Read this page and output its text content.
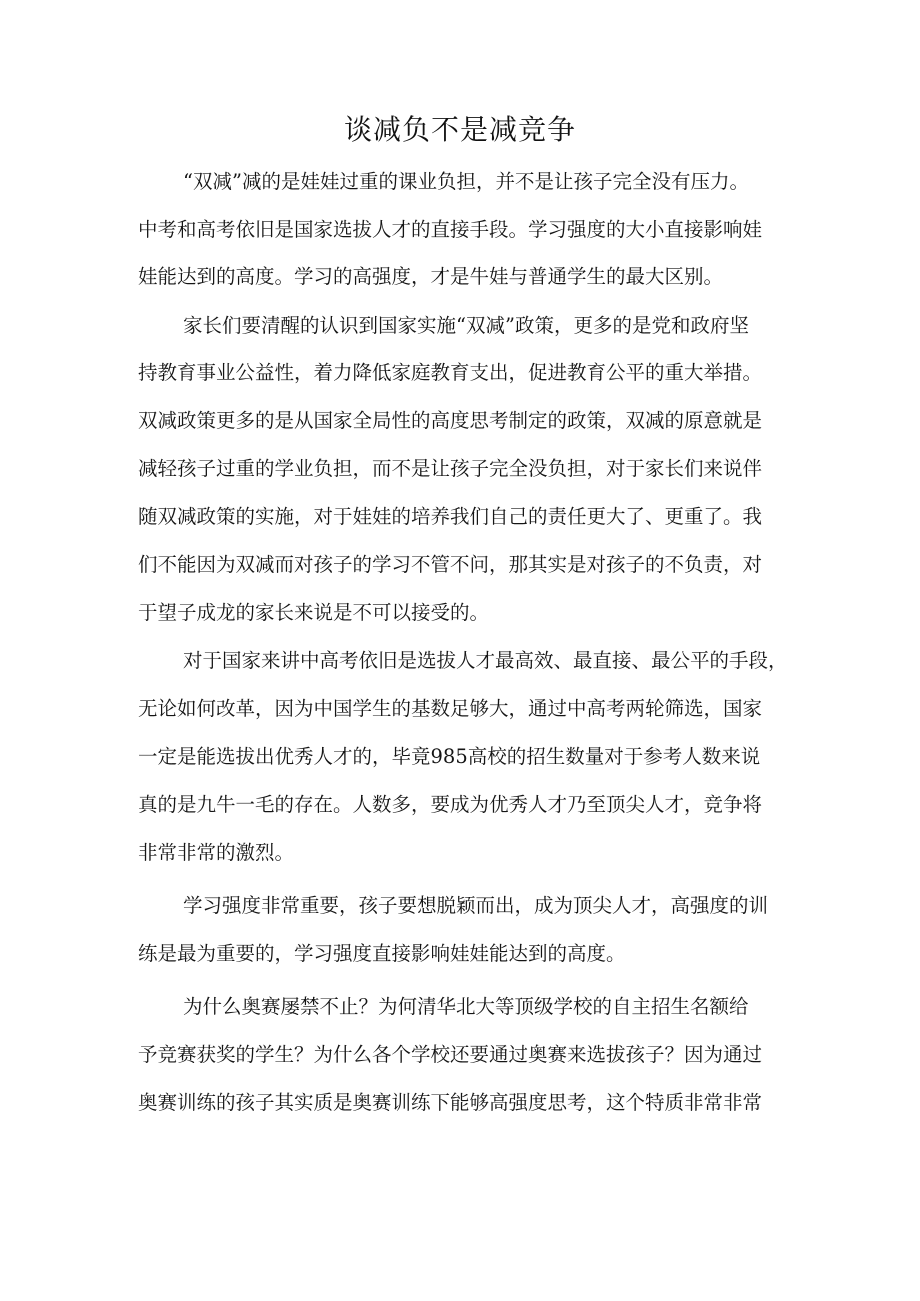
谈减负不是减竞争
“双减”减的是娃娃过重的课业负担，并不是让孩子完全没有压力。
中考和高考依旧是国家选拔人才的直接手段。学习强度的大小直接影响娃
娃能达到的高度。学习的高强度，才是牛娃与普通学生的最大区别。
家长们要清醒的认识到国家实施“双减”政策，更多的是党和政府坚
持教育事业公益性，着力降低家庭教育支出，促进教育公平的重大举措。
双减政策更多的是从国家全局性的高度思考制定的政策，双减的原意就是
减轻孩子过重的学业负担，而不是让孩子完全没负担，对于家长们来说伴
随双减政策的实施，对于娃娃的培养我们自己的责任更大了、更重了。我
们不能因为双减而对孩子的学习不管不问，那其实是对孩子的不负责，对
于望子成龙的家长来说是不可以接受的。
对于国家来讲中高考依旧是选拔人才最高效、最直接、最公平的手段，
无论如何改革，因为中国学生的基数足够大，通过中高考两轮筛选，国家
一定是能选拔出优秀人才的，毕竟985高校的招生数量对于参考人数来说
真的是九牛一毛的存在。人数多，要成为优秀人才乃至顶尖人才，竞争将
非常非常的激烈。
学习强度非常重要，孩子要想脱颖而出，成为顶尖人才，高强度的训
练是最为重要的，学习强度直接影响娃娃能达到的高度。
为什么奥赛屡禁不止？为何清华北大等顶级学校的自主招生名额给
予竞赛获奖的学生？为什么各个学校还要通过奥赛来选拔孩子？因为通过
奥赛训练的孩子其实质是奥赛训练下能够高强度思考，这个特质非常非常
